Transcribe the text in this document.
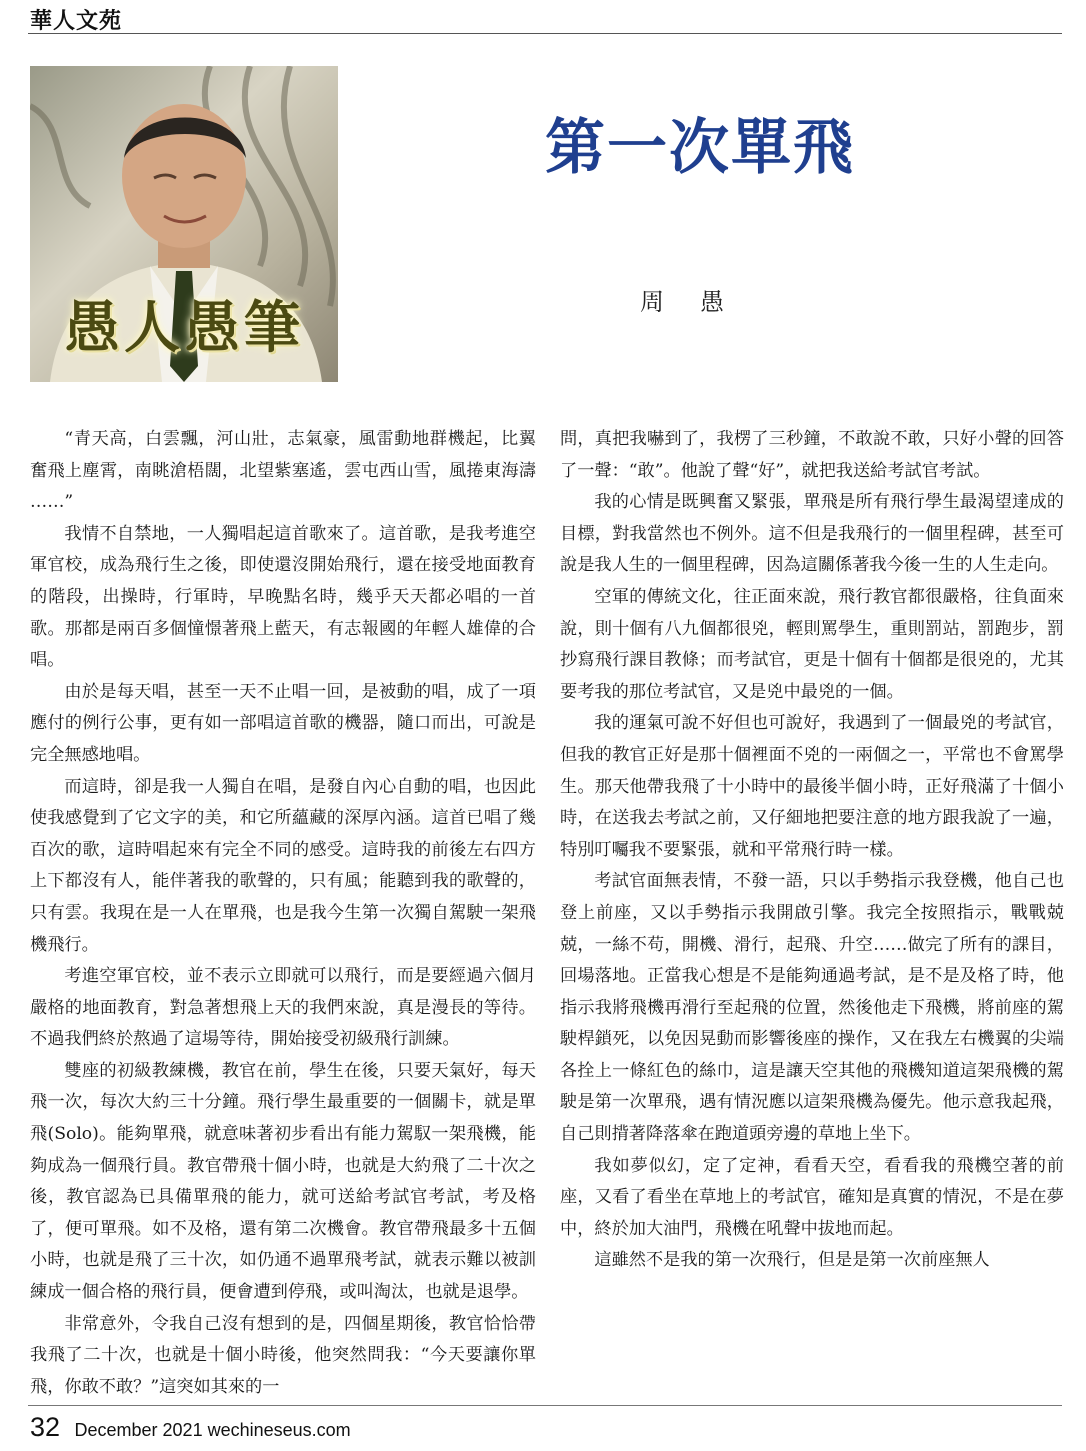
華人文苑
愚人愚筆
第一次單飛
周愚

“青天高，白雲飄，河山壯，志氣豪，風雷動地群機起，比翼奮飛上塵霄，南眺滄梧闊，北望紫塞遙，雲屯西山雪，風捲東海濤 ……”

我情不自禁地，一人獨唱起這首歌來了。這首歌，是我考進空軍官校，成為飛行生之後，即使還沒開始飛行，還在接受地面教育的階段，出操時，行軍時，早晚點名時，幾乎天天都必唱的一首歌。那都是兩百多個憧憬著飛上藍天，有志報國的年輕人雄偉的合唱。

由於是每天唱，甚至一天不止唱一回，是被動的唱，成了一項應付的例行公事，更有如一部唱這首歌的機器，隨口而出，可說是完全無感地唱。

而這時，卻是我一人獨自在唱，是發自內心自動的唱，也因此使我感覺到了它文字的美，和它所蘊藏的深厚內涵。這首已唱了幾百次的歌，這時唱起來有完全不同的感受。這時我的前後左右四方上下都沒有人，能伴著我的歌聲的，只有風；能聽到我的歌聲的，只有雲。我現在是一人在單飛，也是我今生第一次獨自駕駛一架飛機飛行。

考進空軍官校，並不表示立即就可以飛行，而是要經過六個月嚴格的地面教育，對急著想飛上天的我們來說，真是漫長的等待。不過我們終於熬過了這場等待，開始接受初級飛行訓練。

雙座的初級教練機，教官在前，學生在後，只要天氣好，每天飛一次，每次大約三十分鐘。飛行學生最重要的一個關卡，就是單飛(Solo)。能夠單飛，就意味著初步看出有能力駕馭一架飛機，能夠成為一個飛行員。教官帶飛十個小時，也就是大約飛了二十次之後，教官認為已具備單飛的能力，就可送給考試官考試，考及格了，便可單飛。如不及格，還有第二次機會。教官帶飛最多十五個小時，也就是飛了三十次，如仍通不過單飛考試，就表示難以被訓練成一個合格的飛行員，便會遭到停飛，或叫淘汰，也就是退學。

非常意外，令我自己沒有想到的是，四個星期後，教官恰恰帶我飛了二十次，也就是十個小時後，他突然問我：“今天要讓你單飛，你敢不敢？”這突如其來的一

問，真把我嚇到了，我楞了三秒鐘，不敢說不敢，只好小聲的回答了一聲：“敢”。他說了聲“好”，就把我送給考試官考試。

我的心情是既興奮又緊張，單飛是所有飛行學生最渴望達成的目標，對我當然也不例外。這不但是我飛行的一個里程碑，甚至可說是我人生的一個里程碑，因為這關係著我今後一生的人生走向。

空軍的傳統文化，往正面來說，飛行教官都很嚴格，往負面來說，則十個有八九個都很兇，輕則罵學生，重則罰站，罰跑步，罰抄寫飛行課目教條；而考試官，更是十個有十個都是很兇的，尤其要考我的那位考試官，又是兇中最兇的一個。

我的運氣可說不好但也可說好，我遇到了一個最兇的考試官，但我的教官正好是那十個裡面不兇的一兩個之一，平常也不會罵學生。那天他帶我飛了十小時中的最後半個小時，正好飛滿了十個小時，在送我去考試之前，又仔細地把要注意的地方跟我說了一遍，特別叮囑我不要緊張，就和平常飛行時一樣。

考試官面無表情，不發一語，只以手勢指示我登機，他自己也登上前座，又以手勢指示我開啟引擎。我完全按照指示，戰戰兢兢，一絲不苟，開機、滑行，起飛、升空……做完了所有的課目，回場落地。正當我心想是不是能夠通過考試，是不是及格了時，他指示我將飛機再滑行至起飛的位置，然後他走下飛機，將前座的駕駛桿鎖死，以免因晃動而影響後座的操作，又在我左右機翼的尖端各拴上一條紅色的絲巾，這是讓天空其他的飛機知道這架飛機的駕駛是第一次單飛，遇有情況應以這架飛機為優先。他示意我起飛，自己則揹著降落傘在跑道頭旁邊的草地上坐下。

我如夢似幻，定了定神，看看天空，看看我的飛機空著的前座，又看了看坐在草地上的考試官，確知是真實的情況，不是在夢中，終於加大油門，飛機在吼聲中拔地而起。

這雖然不是我的第一次飛行，但是是第一次前座無人

32 December 2021 wechineseus.com
